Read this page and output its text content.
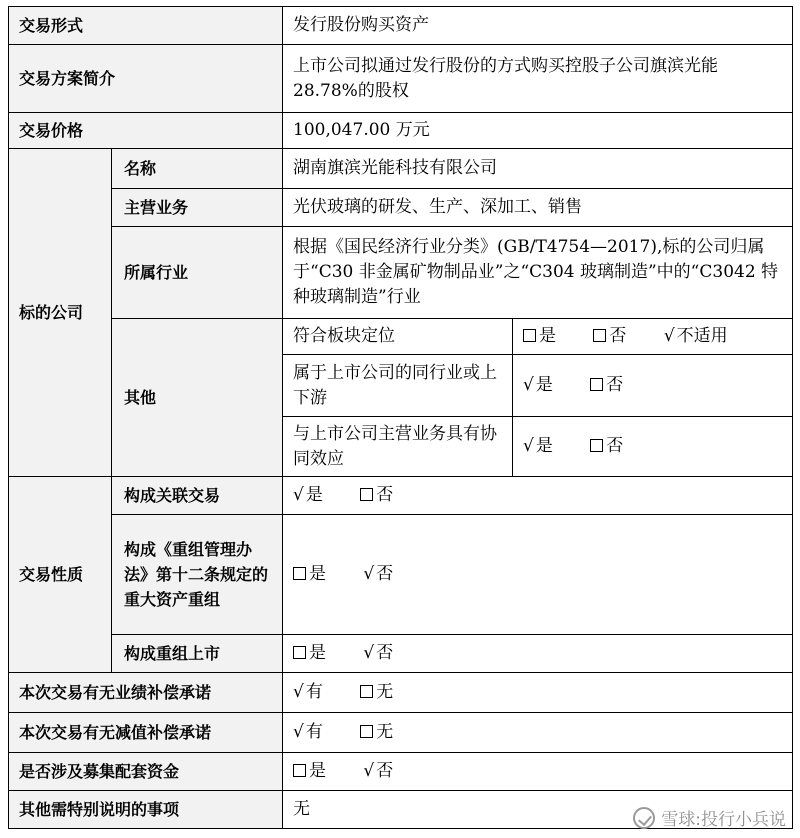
交易形式		发行股份购买资产	
交易方案简介		上市公司拟通过发行股份的方式购买控股子公司旗滨光能 28.78%的股权	
交易价格		100,047.00 万元	
标的公司	名称	湖南旗滨光能科技有限公司	
	主营业务	光伏玻璃的研发、生产、深加工、销售	
	所属行业	根据《国民经济行业分类》(GB/T4754—2017),标的公司归属于“C30 非金属矿物制品业”之“C304 玻璃制造”中的“C3042 特种玻璃制造”行业	
	其他	符合板块定位	是 否 √ 不适用
		属于上市公司的同行业或上下游	√ 是 否
		与上市公司主营业务具有协同效应	√ 是 否
交易性质	构成关联交易	√ 是 否	
	构成《重组管理办法》第十二条规定的重大资产重组	是 √ 否	
	构成重组上市	是 √ 否	
本次交易有无业绩补偿承诺		√ 有 无	
本次交易有无减值补偿承诺		√ 有 无	
是否涉及募集配套资金		是 √ 否	
其他需特别说明的事项		无	
雪球:投行小兵说
